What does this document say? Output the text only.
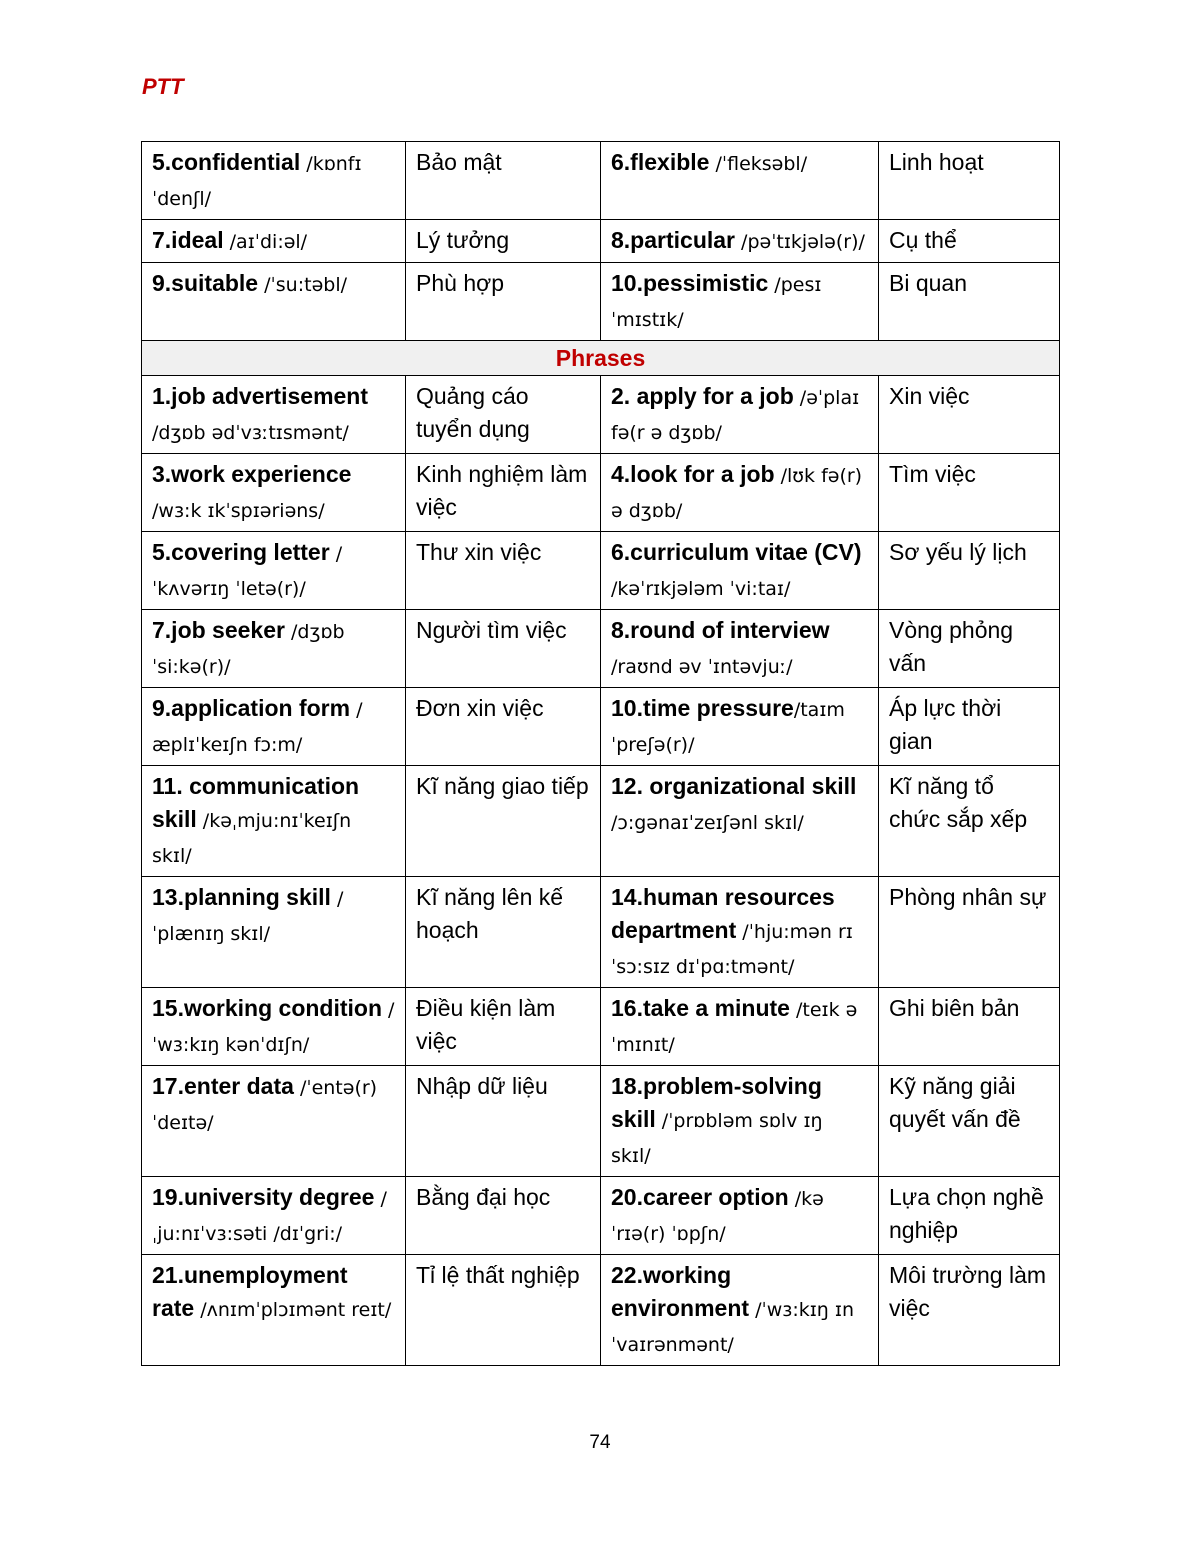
PTT
5.confidential /kɒnfɪˈdenʃl/	Bảo mật	6.flexible /ˈfleksəbl/	Linh hoạt
7.ideal /aɪˈdi:əl/	Lý tưởng	8.particular /pəˈtɪkjələ(r)/	Cụ thể
9.suitable /ˈsu:təbl/	Phù hợp	10.pessimistic /pesɪˈmɪstɪk/	Bi quan
Phrases			
1.job advertisement /dʒɒb ədˈvɜːtɪsmənt/	Quảng cáo tuyển dụng	2. apply for a job /əˈplaɪ fə(r ə dʒɒb/	Xin việc
3.work experience /wɜ:k ɪkˈspɪəriəns/	Kinh nghiệm làm việc	4.look for a job /lʊk fə(r) ə dʒɒb/	Tìm việc
5.covering letter /ˈkʌvərɪŋ ˈletə(r)/	Thư xin việc	6.curriculum vitae (CV) /kəˈrɪkjələm ˈvi:taɪ/	Sơ yếu lý lịch
7.job seeker /dʒɒb ˈsi:kə(r)/	Người tìm việc	8.round of interview /raʊnd əv ˈɪntəvjuː/	Vòng phỏng vấn
9.application form /æplɪˈkeɪʃn fɔ:m/	Đơn xin việc	10.time pressure/taɪm ˈpreʃə(r)/	Áp lực thời gian
11. communication skill /kəˌmju:nɪˈkeɪʃn skɪl/	Kĩ năng giao tiếp	12. organizational skill /ɔ:gənaɪˈzeɪʃənl skɪl/	Kĩ năng tổ chức sắp xếp
13.planning skill /ˈplænɪŋ skɪl/	Kĩ năng lên kế hoạch	14.human resources department /ˈhju:mən rɪˈsɔ:sɪz dɪˈpɑ:tmənt/	Phòng nhân sự
15.working condition /ˈwɜ:kɪŋ kənˈdɪʃn/	Điều kiện làm việc	16.take a minute /teɪk ə ˈmɪnɪt/	Ghi biên bản
17.enter data /ˈentə(r) ˈdeɪtə/	Nhập dữ liệu	18.problem-solving skill /ˈprɒbləm sɒlv ɪŋ skɪl/	Kỹ năng giải quyết vấn đề
19.university degree /ˌju:nɪˈvɜ:səti /dɪˈgri:/	Bằng đại học	20.career option /kəˈrɪə(r) ˈɒpʃn/	Lựa chọn nghề nghiệp
21.unemployment rate /ʌnɪmˈplɔɪmənt reɪt/	Tỉ lệ thất nghiệp	22.working environment /ˈwɜ:kɪŋ ɪnˈvaɪrənmənt/	Môi trường làm việc
74
